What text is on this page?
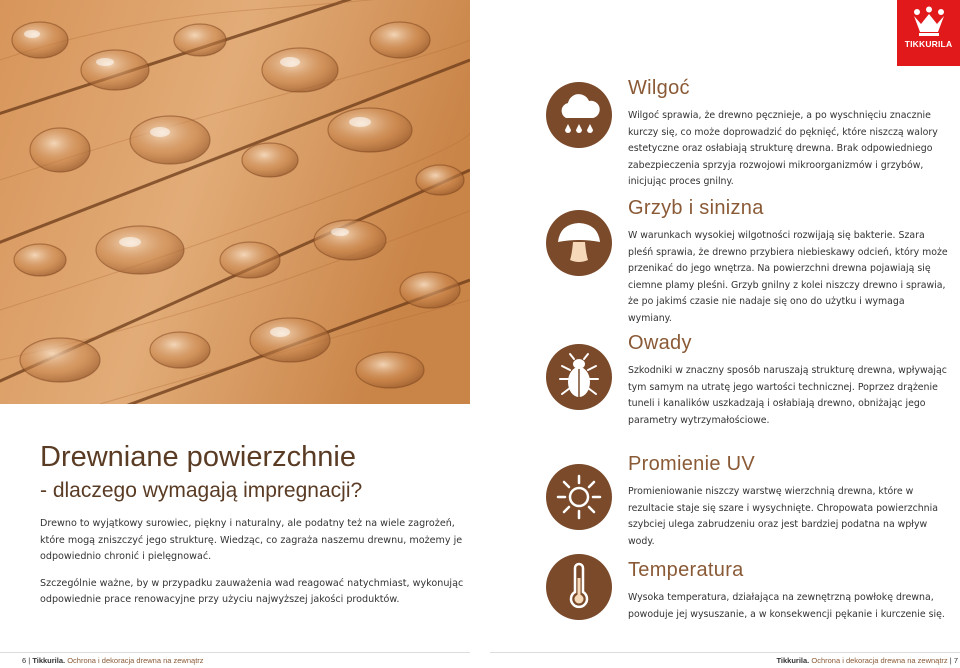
TIKKURILA
Drewniane powierzchnie
- dlaczego wymagają impregnacji?

Drewno to wyjątkowy surowiec, piękny i naturalny, ale podatny też na wiele zagrożeń, które mogą zniszczyć jego strukturę. Wiedząc, co zagraża naszemu drewnu, możemy je odpowiednio chronić i pielęgnować.

Szczególnie ważne, by w przypadku zauważenia wad reagować natychmiast, wykonując odpowiednie prace renowacyjne przy użyciu najwyższej jakości produktów.

Wilgoć

Wilgoć sprawia, że drewno pęcznieje, a po wyschnięciu znacznie kurczy się, co może doprowadzić do pęknięć, które niszczą walory estetyczne oraz osłabiają strukturę drewna. Brak odpowiedniego zabezpieczenia sprzyja rozwojowi mikroorganizmów i grzybów, inicjując proces gnilny.

Grzyb i sinizna

W warunkach wysokiej wilgotności rozwijają się bakterie. Szara pleśń sprawia, że drewno przybiera niebieskawy odcień, który może przenikać do jego wnętrza. Na powierzchni drewna pojawiają się ciemne plamy pleśni. Grzyb gnilny z kolei niszczy drewno i sprawia, że po jakimś czasie nie nadaje się ono do użytku i wymaga wymiany.

Owady

Szkodniki w znaczny sposób naruszają strukturę drewna, wpływając tym samym na utratę jego wartości technicznej. Poprzez drążenie tuneli i kanalików uszkadzają i osłabiają drewno, obniżając jego parametry wytrzymałościowe.

Promienie UV

Promieniowanie niszczy warstwę wierzchnią drewna, które w rezultacie staje się szare i wysychnięte. Chropowata powierzchnia szybciej ulega zabrudzeniu oraz jest bardziej podatna na wpływ wody.

Temperatura

Wysoka temperatura, działająca na zewnętrzną powłokę drewna, powoduje jej wysuszanie, a w konsekwencji pękanie i kurczenie się.

6 | Tikkurila. Ochrona i dekoracja drewna na zewnątrz	Tikkurila. Ochrona i dekoracja drewna na zewnątrz | 7
